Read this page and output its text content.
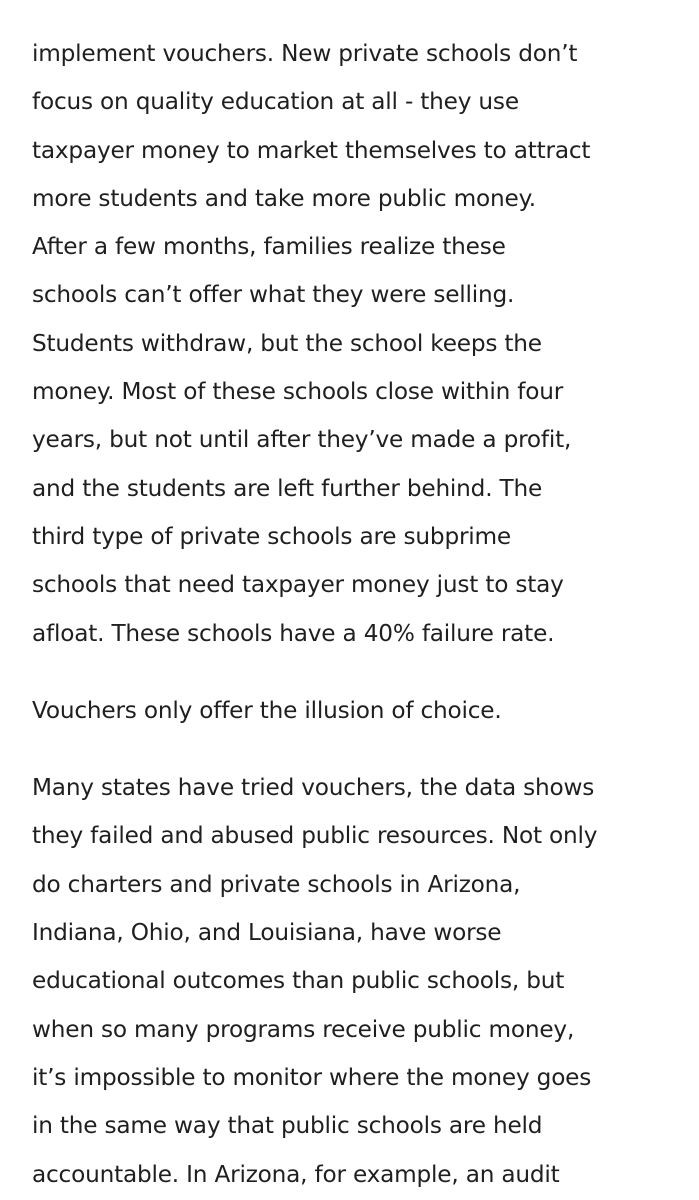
implement vouchers. New private schools don’t
focus on quality education at all - they use
taxpayer money to market themselves to attract
more students and take more public money.
After a few months, families realize these
schools can’t offer what they were selling.
Students withdraw, but the school keeps the
money. Most of these schools close within four
years, but not until after they’ve made a profit,
and the students are left further behind. The
third type of private schools are subprime
schools that need taxpayer money just to stay
afloat. These schools have a 40% failure rate.

Vouchers only offer the illusion of choice.

Many states have tried vouchers, the data shows
they failed and abused public resources. Not only
do charters and private schools in Arizona,
Indiana, Ohio, and Louisiana, have worse
educational outcomes than public schools, but
when so many programs receive public money,
it’s impossible to monitor where the money goes
in the same way that public schools are held
accountable. In Arizona, for example, an audit
